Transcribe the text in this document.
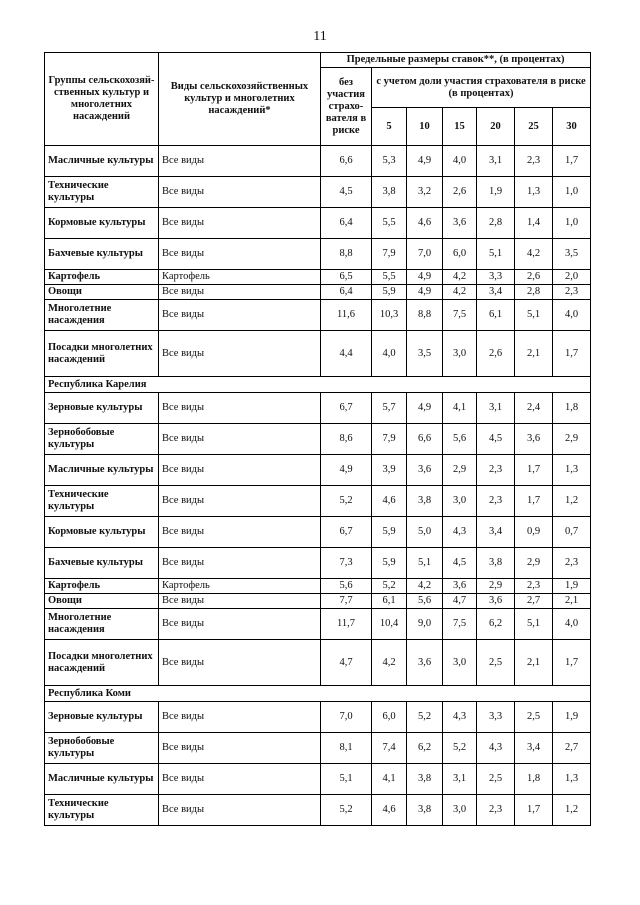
11
Группы сельскохозяй-ственных культур и многолетних насаждений	Виды сельскохозяйственных культур и многолетних насаждений*	Предельные размеры ставок**, (в процентах)						
		без участия страхо-вателя в риске	с учетом доли участия страхователя в риске (в процентах)					
			5	10	15	20	25	30
Масличные культуры	Все виды	6,6	5,3	4,9	4,0	3,1	2,3	1,7
Технические культуры	Все виды	4,5	3,8	3,2	2,6	1,9	1,3	1,0
Кормовые культуры	Все виды	6,4	5,5	4,6	3,6	2,8	1,4	1,0
Бахчевые культуры	Все виды	8,8	7,9	7,0	6,0	5,1	4,2	3,5
Картофель	Картофель	6,5	5,5	4,9	4,2	3,3	2,6	2,0
Овощи	Все виды	6,4	5,9	4,9	4,2	3,4	2,8	2,3
Многолетние насаждения	Все виды	11,6	10,3	8,8	7,5	6,1	5,1	4,0
Посадки многолетних насаждений	Все виды	4,4	4,0	3,5	3,0	2,6	2,1	1,7
Республика Карелия								
Зерновые культуры	Все виды	6,7	5,7	4,9	4,1	3,1	2,4	1,8
Зернобобовые культуры	Все виды	8,6	7,9	6,6	5,6	4,5	3,6	2,9
Масличные культуры	Все виды	4,9	3,9	3,6	2,9	2,3	1,7	1,3
Технические культуры	Все виды	5,2	4,6	3,8	3,0	2,3	1,7	1,2
Кормовые культуры	Все виды	6,7	5,9	5,0	4,3	3,4	0,9	0,7
Бахчевые культуры	Все виды	7,3	5,9	5,1	4,5	3,8	2,9	2,3
Картофель	Картофель	5,6	5,2	4,2	3,6	2,9	2,3	1,9
Овощи	Все виды	7,7	6,1	5,6	4,7	3,6	2,7	2,1
Многолетние насаждения	Все виды	11,7	10,4	9,0	7,5	6,2	5,1	4,0
Посадки многолетних насаждений	Все виды	4,7	4,2	3,6	3,0	2,5	2,1	1,7
Республика Коми								
Зерновые культуры	Все виды	7,0	6,0	5,2	4,3	3,3	2,5	1,9
Зернобобовые культуры	Все виды	8,1	7,4	6,2	5,2	4,3	3,4	2,7
Масличные культуры	Все виды	5,1	4,1	3,8	3,1	2,5	1,8	1,3
Технические культуры	Все виды	5,2	4,6	3,8	3,0	2,3	1,7	1,2
